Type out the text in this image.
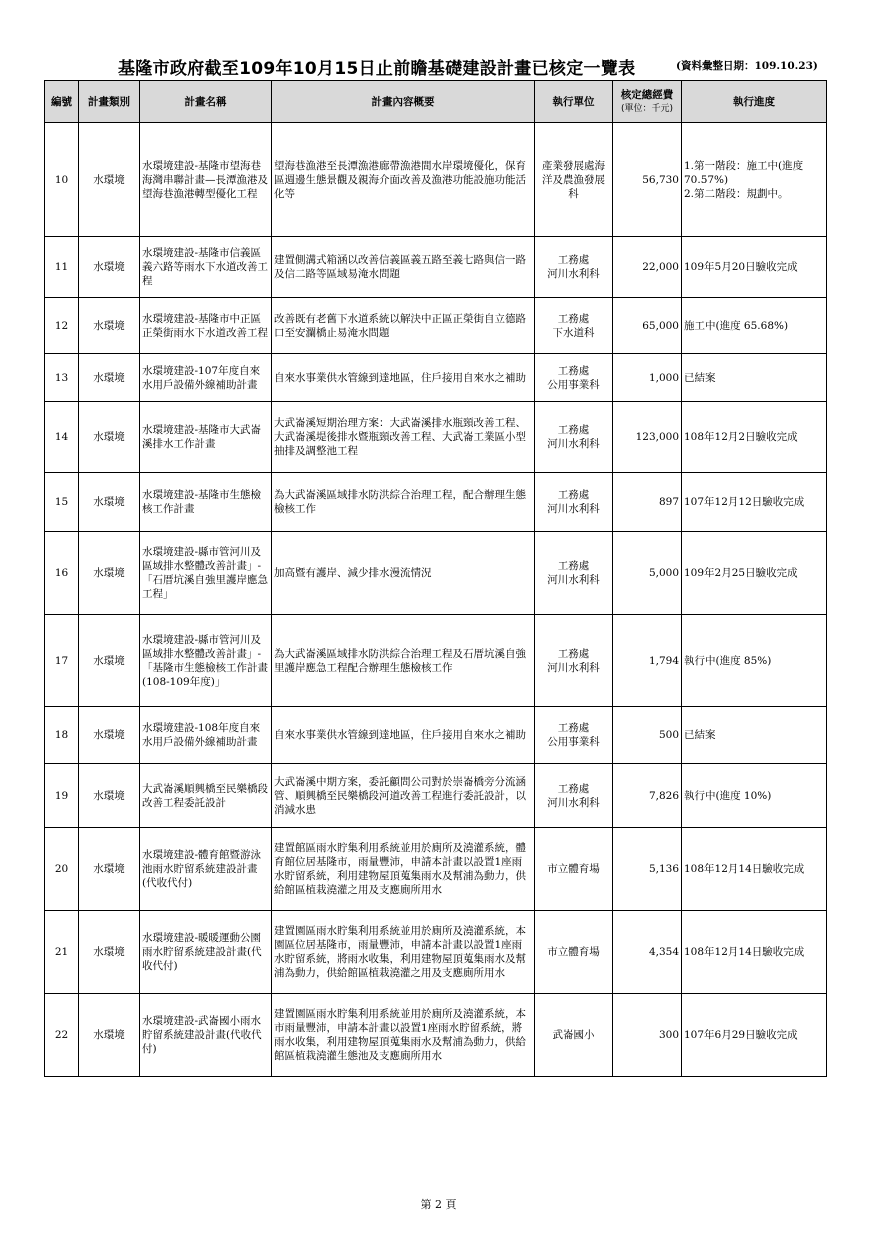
基隆市政府截至109年10月15日止前瞻基礎建設計畫已核定一覽表	(資料彙整日期：109.10.23)
編號	計畫類別	計畫名稱	計畫內容概要	執行單位	核定總經費
(單位：千元)	執行進度
10	水環境	水環境建設-基隆市望海巷海灣串聯計畫—長潭漁港及望海巷漁港轉型優化工程	望海巷漁港至長潭漁港廊帶漁港間水岸環境優化，保育區週邊生態景觀及親海介面改善及漁港功能設施功能活化等	產業發展處海洋及農漁發展科	56,730	1.第一階段：施工中(進度70.57%)
2.第二階段：規劃中。
11	水環境	水環境建設-基隆市信義區義六路等雨水下水道改善工程	建置側溝式箱涵以改善信義區義五路至義七路與信一路及信二路等區域易淹水問題	工務處
河川水利科	22,000	109年5月20日驗收完成
12	水環境	水環境建設-基隆市中正區正榮街雨水下水道改善工程	改善既有老舊下水道系統以解決中正區正榮街自立德路口至安瀾橋止易淹水問題	工務處
下水道科	65,000	施工中(進度 65.68%)
13	水環境	水環境建設-107年度自來水用戶設備外線補助計畫	自來水事業供水管線到達地區，住戶接用自來水之補助	工務處
公用事業科	1,000	已結案
14	水環境	水環境建設-基隆市大武崙溪排水工作計畫	大武崙溪短期治理方案：大武崙溪排水瓶頸改善工程、 大武崙溪堤後排水暨瓶頸改善工程、大武崙工業區小型抽排及調整池工程	工務處
河川水利科	123,000	108年12月2日驗收完成
15	水環境	水環境建設-基隆市生態檢核工作計畫	為大武崙溪區域排水防洪綜合治理工程，配合辦理生態檢核工作	工務處
河川水利科	897	107年12月12日驗收完成
16	水環境	水環境建設-縣市管河川及區域排水整體改善計畫」-「石厝坑溪自強里護岸應急工程」	加高暨有護岸、減少排水漫流情況	工務處
河川水利科	5,000	109年2月25日驗收完成
17	水環境	水環境建設-縣市管河川及區域排水整體改善計畫」-「基隆市生態檢核工作計畫(108-109年度)」	為大武崙溪區域排水防洪綜合治理工程及石厝坑溪自強里護岸應急工程配合辦理生態檢核工作	工務處
河川水利科	1,794	執行中(進度 85%)
18	水環境	水環境建設-108年度自來水用戶設備外線補助計畫	自來水事業供水管線到達地區，住戶接用自來水之補助	工務處
公用事業科	500	已結案
19	水環境	大武崙溪順興橋至民樂橋段改善工程委託設計	大武崙溪中期方案，委託顧問公司對於崇崙橋旁分流涵管、順興橋至民樂橋段河道改善工程進行委託設計，以消減水患	工務處
河川水利科	7,826	執行中(進度 10%)
20	水環境	水環境建設-體育館暨游泳池雨水貯留系統建設計畫(代收代付)	建置館區雨水貯集利用系統並用於廁所及澆灌系統，體育館位居基隆市，雨量豐沛，申請本計畫以設置1座雨水貯留系統，利用建物屋頂蒐集雨水及幫浦為動力，供給館區植栽澆灌之用及支應廁所用水	市立體育場	5,136	108年12月14日驗收完成
21	水環境	水環境建設-暖暖運動公園雨水貯留系統建設計畫(代收代付)	建置園區雨水貯集利用系統並用於廁所及澆灌系統，本園區位居基隆市，雨量豐沛，申請本計畫以設置1座雨水貯留系統，將雨水收集，利用建物屋頂蒐集雨水及幫浦為動力，供給館區植栽澆灌之用及支應廁所用水	市立體育場	4,354	108年12月14日驗收完成
22	水環境	水環境建設-武崙國小雨水貯留系統建設計畫(代收代付)	建置園區雨水貯集利用系統並用於廁所及澆灌系統，本市雨量豐沛，申請本計畫以設置1座雨水貯留系統，將雨水收集，利用建物屋頂蒐集雨水及幫浦為動力，供給館區植栽澆灌生態池及支應廁所用水	武崙國小	300	107年6月29日驗收完成
第 2 頁
